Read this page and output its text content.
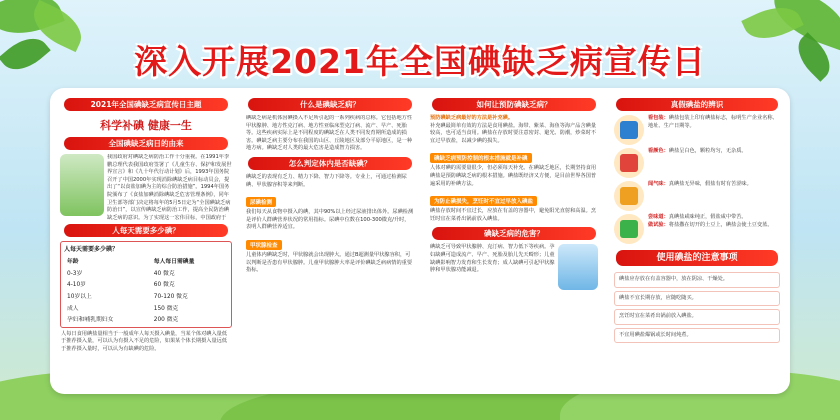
深入开展2021年全国碘缺乏病宣传日
2021年全国碘缺乏病宣传日主题
科学补碘 健康一生
全国碘缺乏病日的由来

我国政府对碘缺乏病防治工作十分重视。在1991年李鹏总理代表我国政府签署了《儿童生存、保护和发展世界宣言》和《九十年代行动计划》后，1993年国务院召开了中国2000年实现消除碘缺乏病目标动员会，提出了“以食盐加碘为主的综合防治措施”。1994年国务院颁布了《食盐加碘消除碘缺乏危害管理条例》，同年卫生部等部门决定将每年的5月5日定为“全国碘缺乏病防治日”，以宣传碘缺乏病防治工作，提高全民防治碘缺乏病的意识。为了实现这一宏伟目标，中国政府于

人每天需要多少碘？
人每天需要多少碘？
年龄	每人每日需碘量
0-3岁	40 微克
4-10岁	60 微克
10岁以上	70-120 微克
成人	150 微克
孕妇和哺乳期妇女	200 微克

人每日食用碘盐量相当于一般成年人每天摄入碘量，当某个体对碘入量低于推荐摄入量，可以认为有摄入不足的危险，如果某个体长期摄入量远低于推荐摄入量时，可以认为有缺碘的危险。

什么是碘缺乏病？

碘缺乏病是机体因碘摄入不足所引起的一系列疾病的总称。它包括地方性甲状腺肿、地方性克汀病、地方性亚临床型克汀病、流产、早产、死胎等。这些疾病实际上是不同程度的碘缺乏在人类不同发育期所造成的损害。碘缺乏病主要分布在我国的山区、丘陵地区及部分平原地区，是一种地方病。碘缺乏对人类的最大危害是造成智力损害。

怎么判定体内是否缺碘？

碘缺乏的表现有乏力、精力下降、智力下降等。专业上，可通过检测尿碘、甲状腺容积等来判断。

尿碘检测

我们每天从食物中摄入的碘，其中90%以上经过尿液排出体外。尿碘检测是评价人群碘营养状况的常用指标。尿碘中位数在100-300微克/升时，表明人群碘营养适宜。

甲状腺检查

儿童体内碘缺乏时，甲状腺就会出现肿大。通过B超测量甲状腺容积，可以判断是否患有甲状腺肿。儿童甲状腺肿大率是评价碘缺乏病病情的重要指标。

如何让预防碘缺乏病？

预防碘缺乏病最好的方法是补充碘。

补充碘最简单有效的方法是食用碘盐。海带、紫菜、海鱼等海产品含碘量较高，也可适当食用。碘盐在存放时要注意密封、避光、防潮，炒菜时不宜过早放盐，以减少碘的损失。

碘缺乏病预防控制的根本措施就是补碘

人体对碘的需要量很少，但必须每天补充。在碘缺乏地区，长期坚持食用碘盐是预防碘缺乏病的根本措施。碘盐既经济又方便，是目前世界各国普遍采用的补碘方法。

为防止碘损失，烹饪时不宜过早放入碘盐

碘盐存放时间不宜过长，应放在有盖的容器中，避免阳光直射和高温。烹饪时宜在菜肴出锅前放入碘盐。

碘缺乏病的危害？

碘缺乏可导致甲状腺肿、克汀病、智力低下等疾病。孕妇缺碘可造成流产、早产、死胎及胎儿先天畸形；儿童缺碘影响智力发育和生长发育；成人缺碘可引起甲状腺肿和甲状腺功能减退。

真假碘盐的辨识

看包装：碘盐包装上印有碘盐标志，标明生产企业名称、地址、生产日期等。

看颜色：碘盐呈白色，颗粒均匀，无杂质。

闻气味：真碘盐无异味，假盐有时有苦涩味。

尝味道：真碘盐咸味纯正，假盐咸中带苦。
做试验：将盐撒在切开的土豆上，碘盐会使土豆变蓝。

使用碘盐的注意事项

碘盐应存放在有盖容器中，放在阴凉、干燥处。

碘盐不宜长期存放，应随吃随买。

烹饪时宜在菜肴出锅前放入碘盐。

不宜用碘盐爆锅或长时间炖煮。
